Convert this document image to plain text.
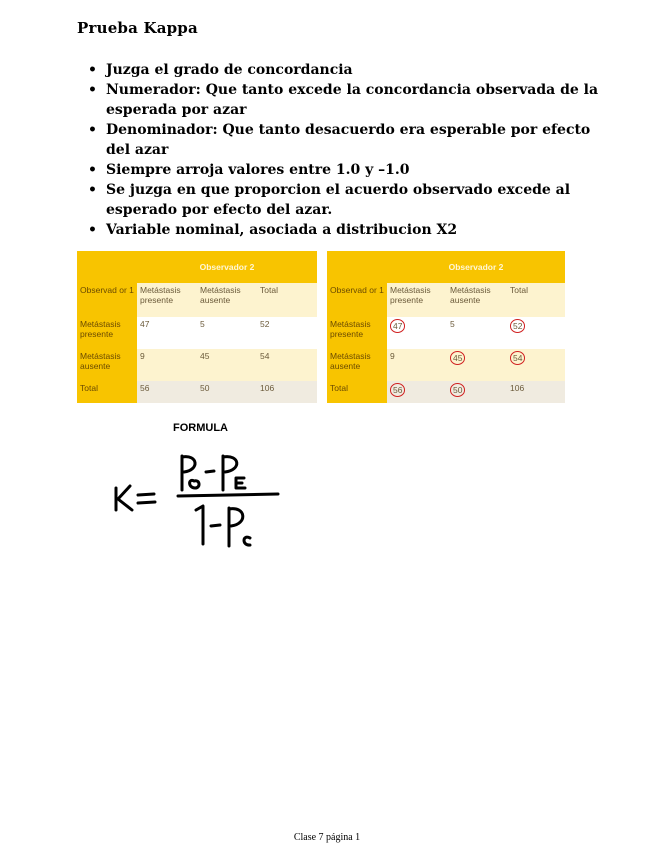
Prueba Kappa
• Juzga el grado de concordancia
• Numerador: Que tanto excede la concordancia observada de la esperada por azar
• Denominador: Que tanto desacuerdo era esperable por efecto del azar
• Siempre arroja valores entre 1.0 y –1.0
• Se juzga en que proporcion el acuerdo observado excede al esperado por efecto del azar.
• Variable nominal, asociada a distribucion X2
	Observador 2		
Observad or 1	Metástasis presente	Metástasis ausente	Total
Metástasis presente	47	5	52
Metástasis ausente	9	45	54
Total	56	50	106
	Observador 2		
Observad or 1	Metástasis presente	Metástasis ausente	Total
Metástasis presente	47	5	52
Metástasis ausente	9	45	54
Total	56	50	106
FORMULA
Clase 7 página 1
